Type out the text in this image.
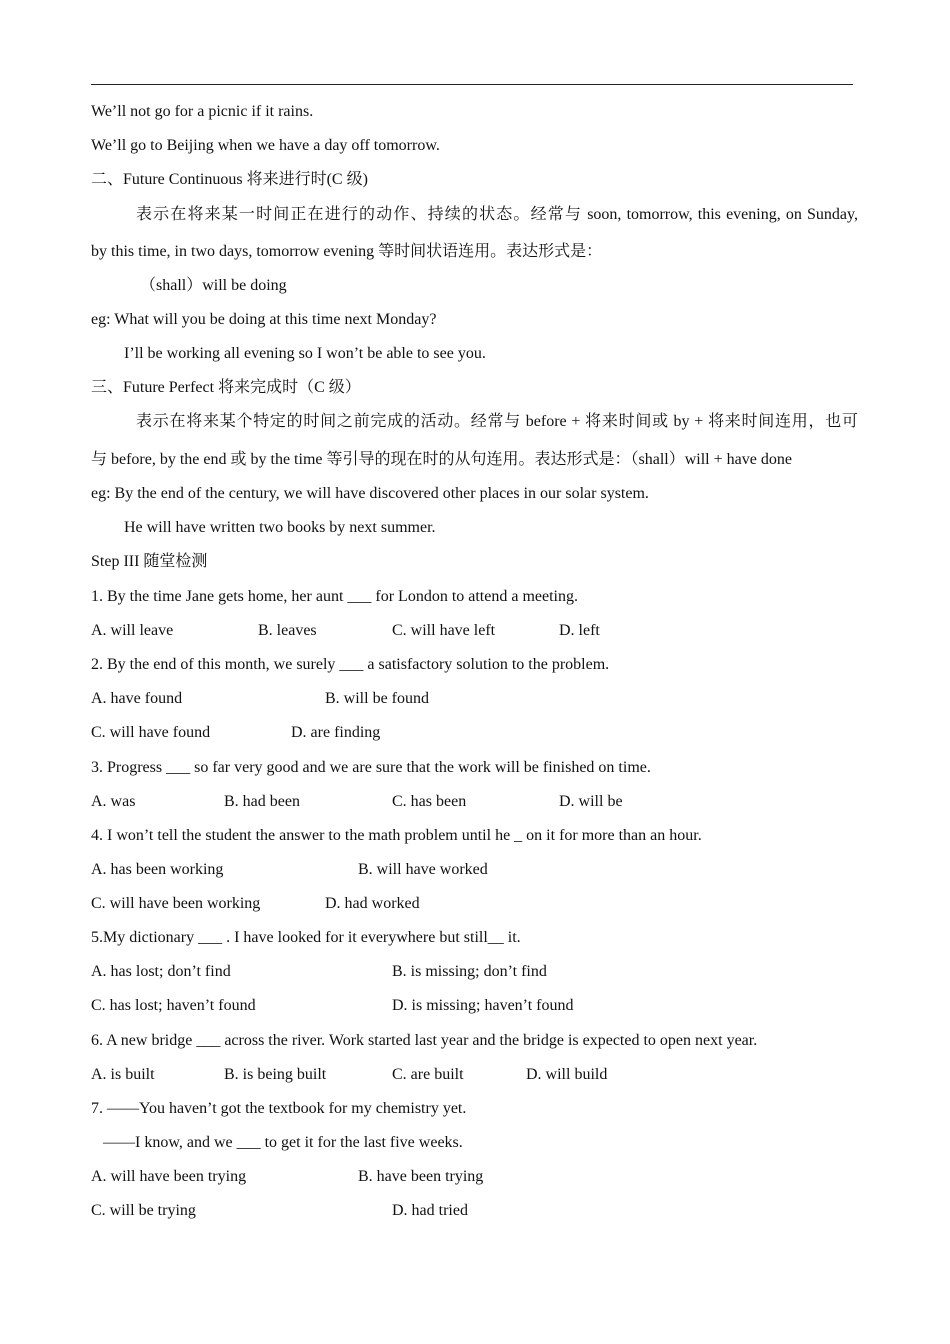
We’ll not go for a picnic if it rains.
We’ll go to Beijing when we have a day off tomorrow.
二、Future Continuous 将来进行时(C 级)
表示在将来某一时间正在进行的动作、持续的状态。经常与 soon, tomorrow, this evening, on Sunday,
by this time, in two days, tomorrow evening 等时间状语连用。表达形式是：
（shall）will be doing
eg: What will you be doing at this time next Monday?
I’ll be working all evening so I won’t be able to see you.
三、Future Perfect 将来完成时（C 级）
表示在将来某个特定的时间之前完成的活动。经常与 before + 将来时间或 by + 将来时间连用，也可
与 before, by the end 或 by the time 等引导的现在时的从句连用。表达形式是：（shall）will + have done
eg: By the end of the century, we will have discovered other places in our solar system.
He will have written two books by next summer.
Step III 随堂检测
1. By the time Jane gets home, her aunt ___ for London to attend a meeting.
A. will leave	B. leaves	C. will have left	D. left
2. By the end of this month, we surely ___ a satisfactory solution to the problem.
A. have found	B. will be found
C. will have found	D. are finding
3. Progress ___ so far very good and we are sure that the work will be finished on time.
A. was	B. had been	C. has been	D. will be
4. I won’t tell the student the answer to the math problem until he _ on it for more than an hour.
A. has been working	B. will have worked
C. will have been working	D. had worked
5.My dictionary ___ . I have looked for it everywhere but still__ it.
A. has lost; don’t find	B. is missing; don’t find
C. has lost; haven’t found	D. is missing; haven’t found
6. A new bridge ___ across the river. Work started last year and the bridge is expected to open next year.
A. is built	B. is being built	C. are built	D. will build
7. ——You haven’t got the textbook for my chemistry yet.
——I know, and we ___ to get it for the last five weeks.
A. will have been trying	B. have been trying
C. will be trying	D. had tried
